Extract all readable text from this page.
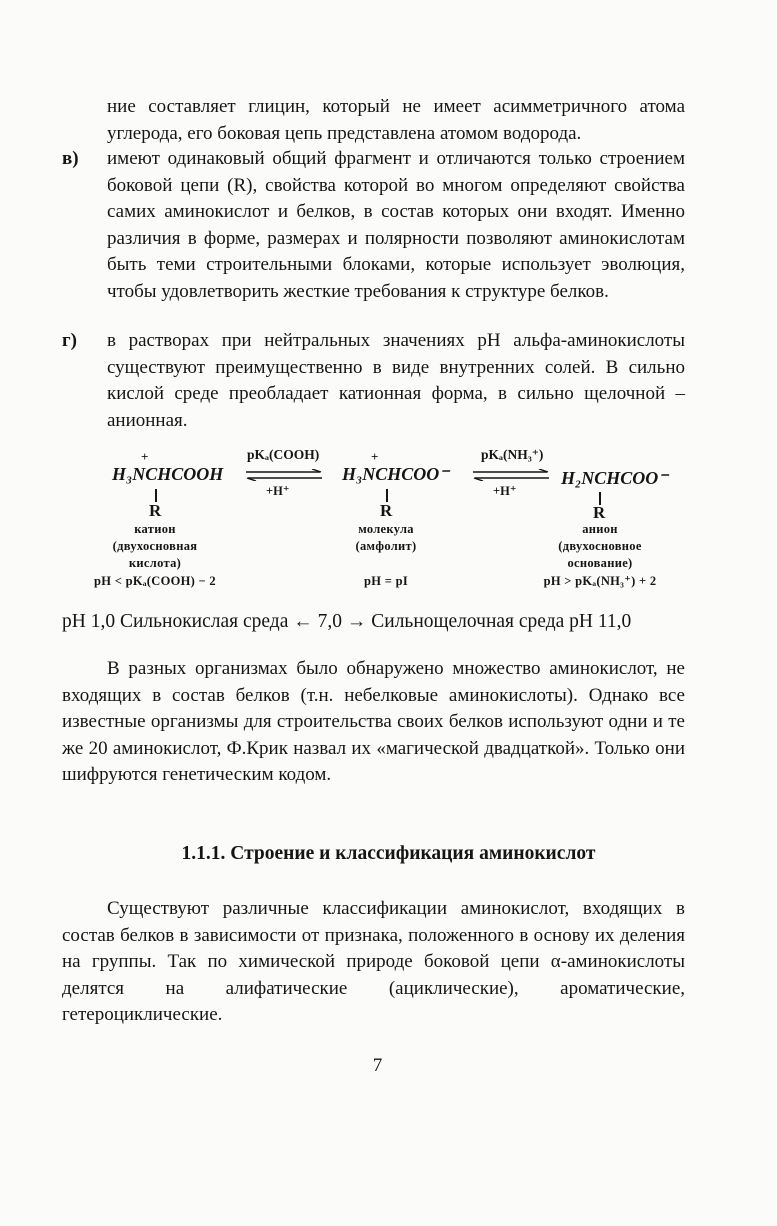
ние составляет глицин, который не имеет асимметричного атома углерода, его боковая цепь представлена атомом водорода.
в) имеют одинаковый общий фрагмент и отличаются только строением боковой цепи (R), свойства которой во многом определяют свойства самих аминокислот и белков, в состав которых они входят. Именно различия в форме, размерах и полярности позволяют аминокислотам быть теми строительными блоками, которые использует эволюция, чтобы удовлетворить жесткие требования к структуре белков.
г) в растворах при нейтральных значениях рН альфа-аминокислоты существуют преимущественно в виде внутренних солей. В сильно кислой среде преобладает катионная форма, в сильно щелочной – анионная.
+
H₃NCHCOOH
R
катион
(двухосновная
кислота)
pH < pKₐ(COOH) − 2
pKₐ(COOH)
+H⁺
+
H₃NCHCOO⁻
R
молекула
(амфолит)
pH = pI
pKₐ(NH₃⁺)
+H⁺
H₂NCHCOO⁻
R
анион
(двухосновное
основание)
pH > pKₐ(NH₃⁺) + 2
pH 1,0 Сильнокислая среда ← 7,0 → Сильнощелочная среда pH 11,0
В разных организмах было обнаружено множество аминокислот, не входящих в состав белков (т.н. небелковые аминокислоты). Однако все известные организмы для строительства своих белков используют одни и те же 20 аминокислот, Ф.Крик назвал их «магической двадцаткой». Только они шифруются генетическим кодом.
1.1.1. Строение и классификация аминокислот
Существуют различные классификации аминокислот, входящих в состав белков в зависимости от признака, положенного в основу их деления на группы. Так по химической природе боковой цепи α-аминокислоты делятся на алифатические (ациклические), ароматические, гетероциклические.
7
